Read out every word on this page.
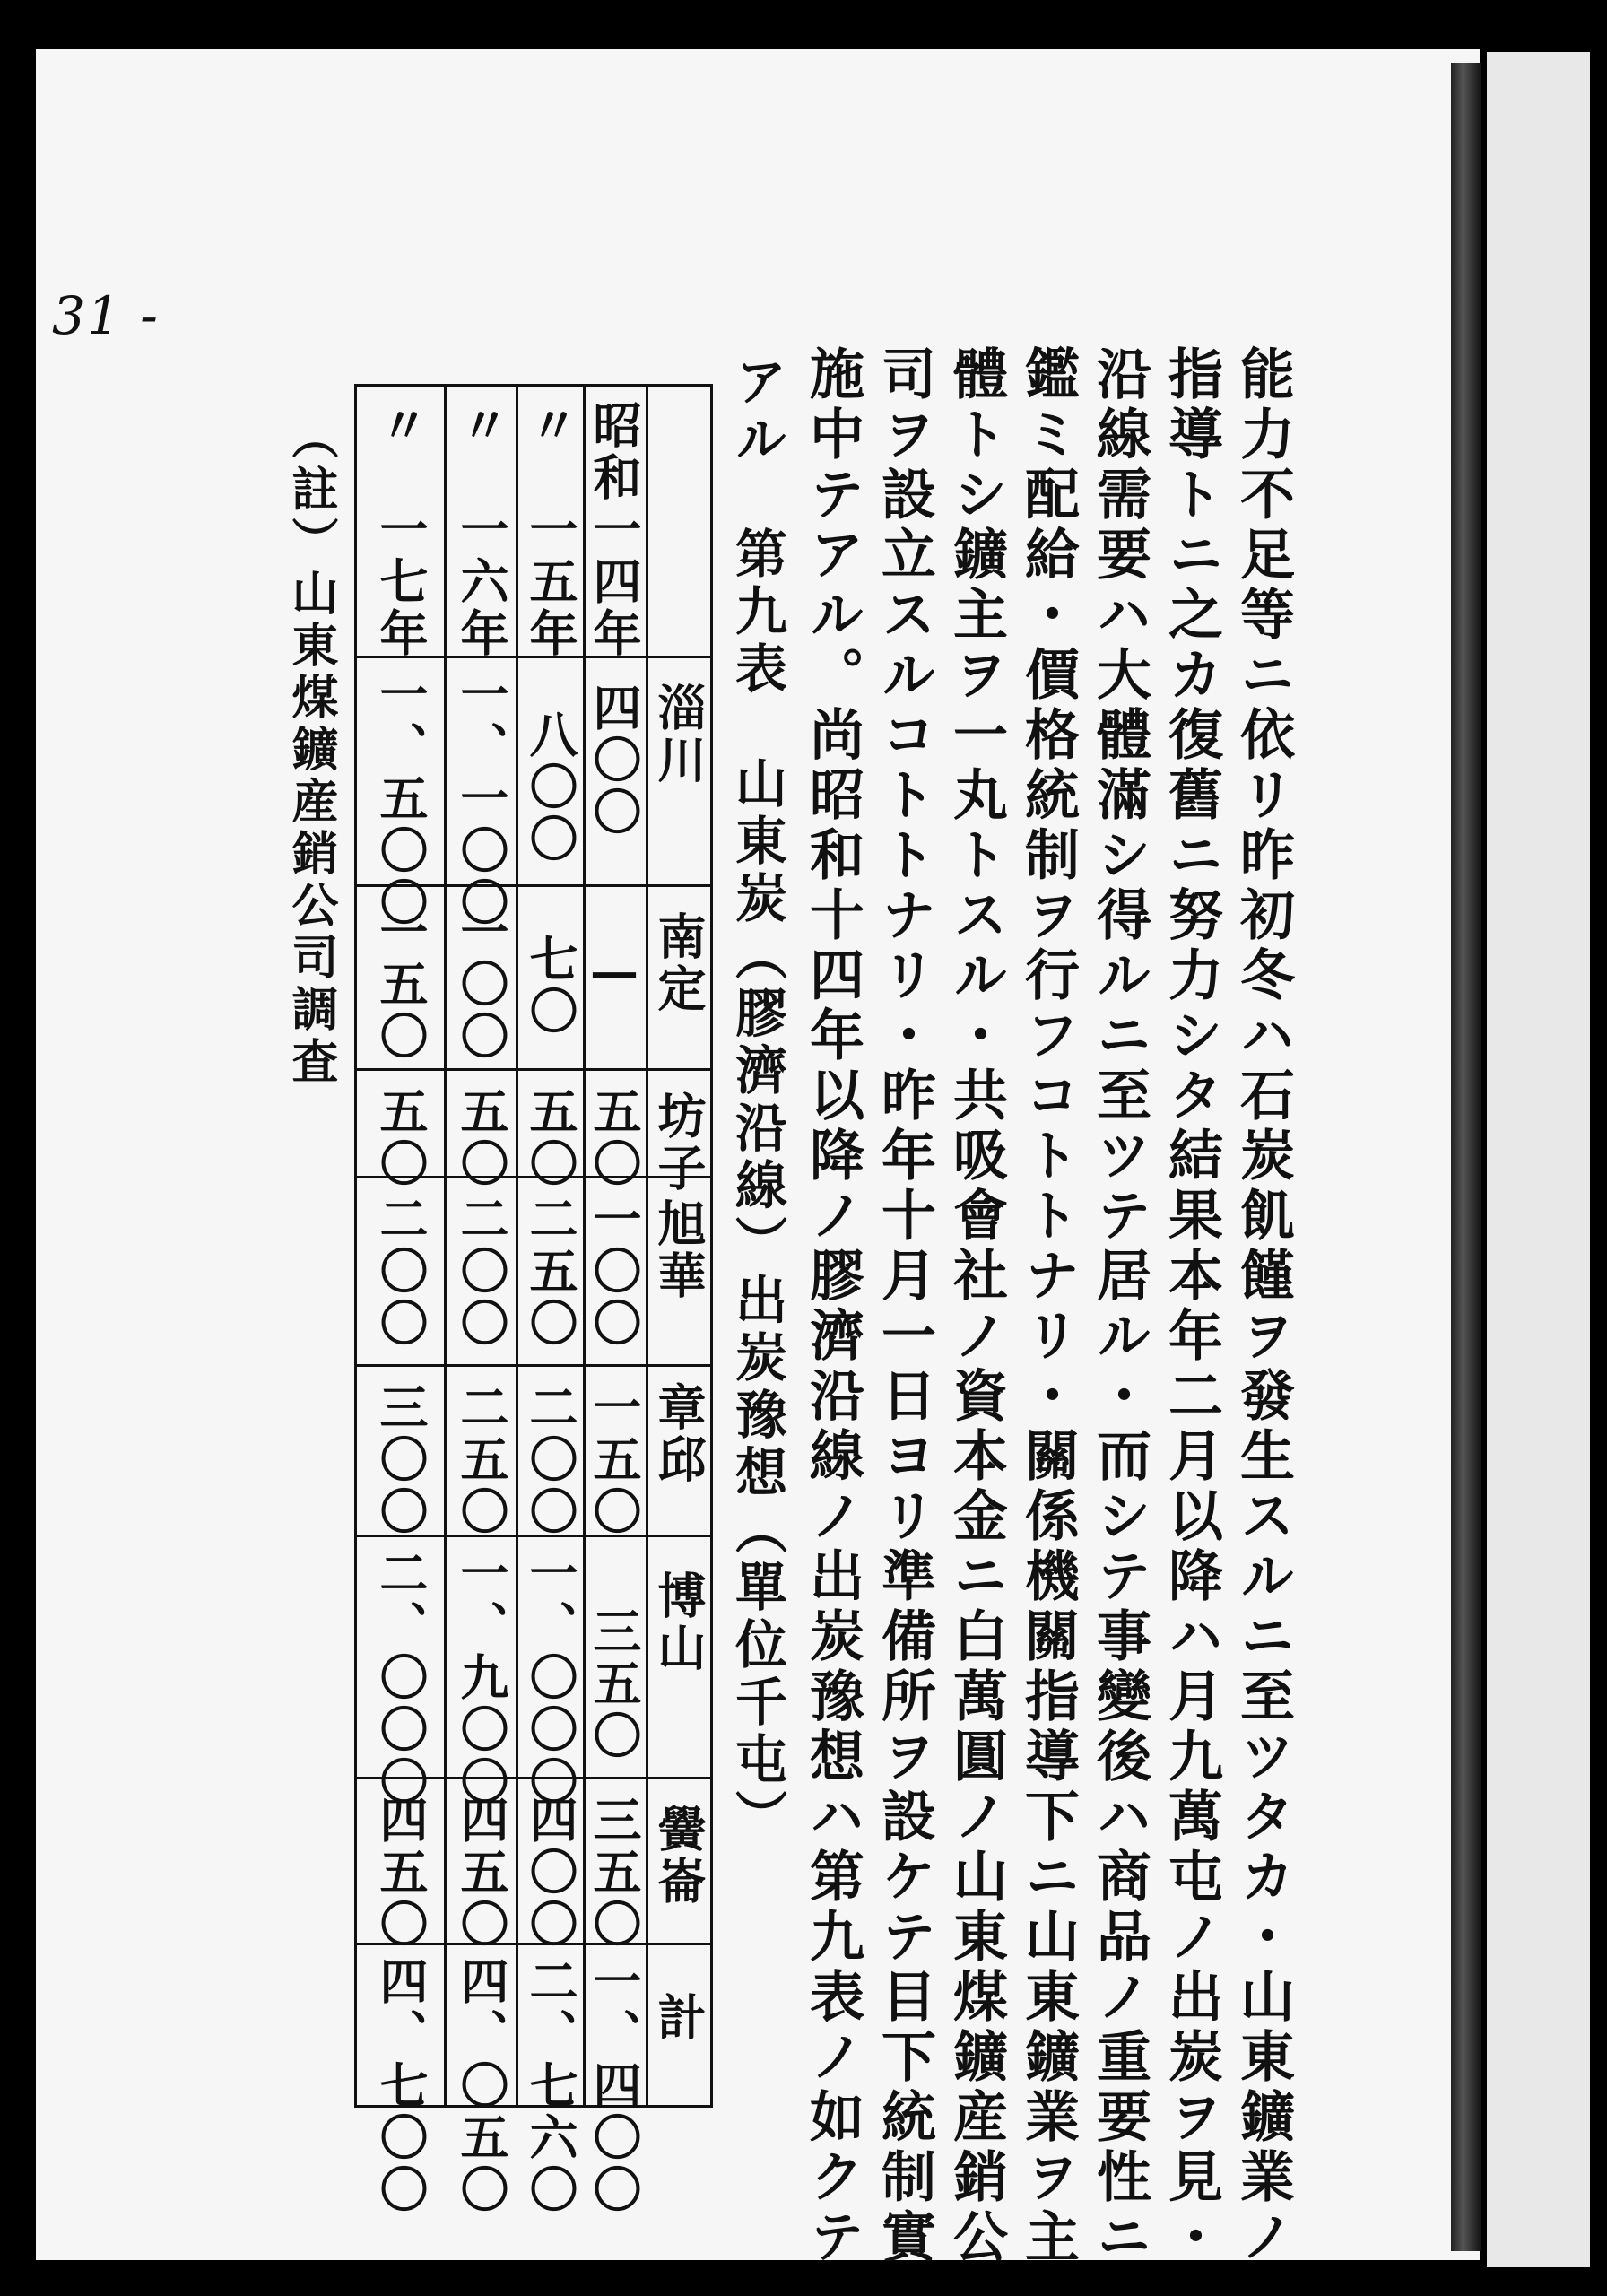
31 -
能力不足等ニ依リ昨初冬ハ石炭飢饉ヲ發生スルニ至ツタカ・山東鑛業ノ
指導トニ之カ復舊ニ努力シタ結果本年二月以降ハ月九萬屯ノ出炭ヲ見・
沿線需要ハ大體滿シ得ルニ至ツテ居ル・而シテ事變後ハ商品ノ重要性ニ
鑑ミ配給・價格統制ヲ行フコトトナリ・關係機關指導下ニ山東鑛業ヲ主
體トシ鑛主ヲ一丸トスル・共吸會社ノ資本金ニ白萬圓ノ山東煤鑛産銷公
司ヲ設立スルコトトナリ・昨年十月一日ヨリ準備所ヲ設ケテ目下統制實
施中テアル。尚昭和十四年以降ノ膠濟沿線ノ出炭豫想ハ第九表ノ如クテ
アル　第九表　山東炭（膠濟沿線）出炭豫想（單位千屯）
淄川
南定
坊子
旭華
章邱
博山
黌崙
計
昭和一四年
四〇〇
—
五〇
一〇〇
一五〇
三五〇
三五〇
一、四〇〇
〃　一五年
八〇〇
七〇
五〇
二五〇
二〇〇
一、〇〇〇
四〇〇
二、七六〇
〃　一六年
一、一〇〇
一〇〇
五〇
二〇〇
二五〇
一、九〇〇
四五〇
四、〇五〇
〃　一七年
一、五〇〇
一五〇
五〇
二〇〇
三〇〇
二、〇〇〇
四五〇
四、七〇〇
（註）山東煤鑛産銷公司調査
